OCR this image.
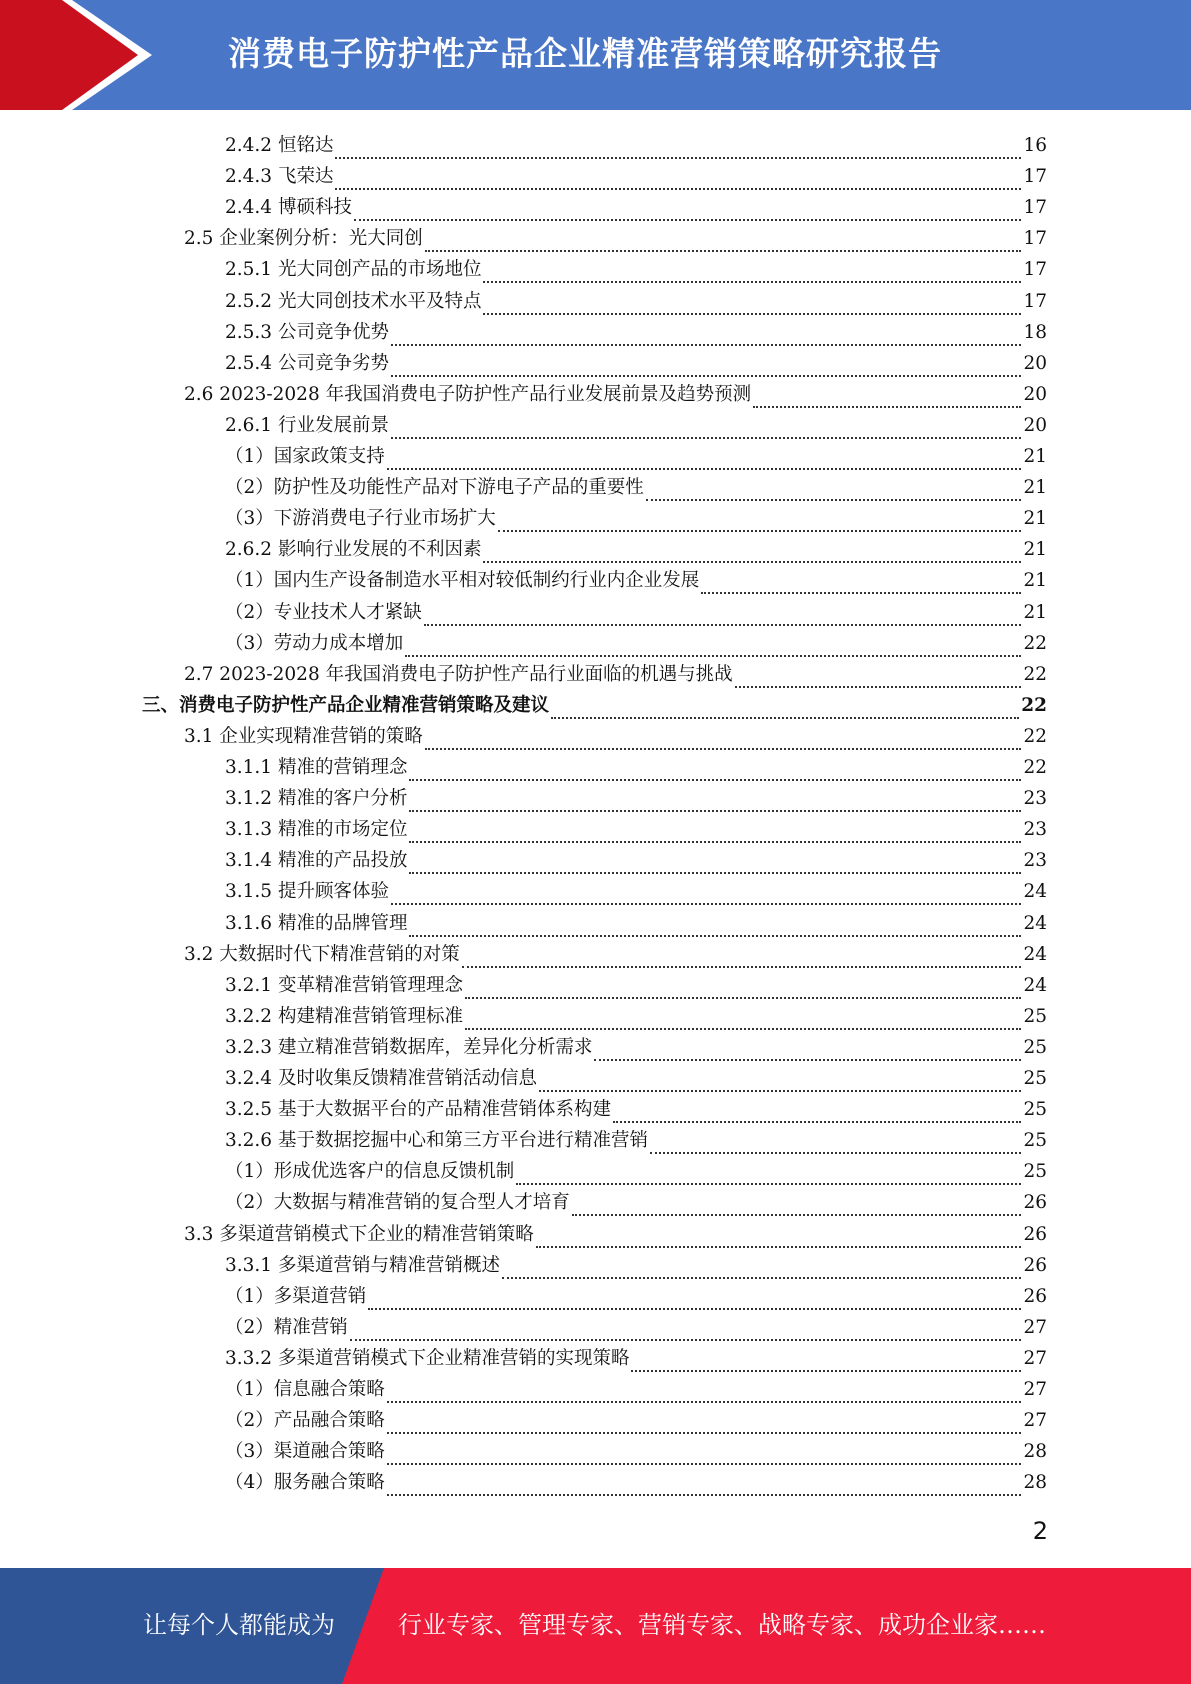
消费电子防护性产品企业精准营销策略研究报告
2.4.2 恒铭达	16
2.4.3 飞荣达	17
2.4.4 博硕科技	17
2.5 企业案例分析：光大同创	17
2.5.1 光大同创产品的市场地位	17
2.5.2 光大同创技术水平及特点	17
2.5.3 公司竞争优势	18
2.5.4 公司竞争劣势	20
2.6 2023-2028 年我国消费电子防护性产品行业发展前景及趋势预测	20
2.6.1 行业发展前景	20
（1）国家政策支持	21
（2）防护性及功能性产品对下游电子产品的重要性	21
（3）下游消费电子行业市场扩大	21
2.6.2 影响行业发展的不利因素	21
（1）国内生产设备制造水平相对较低制约行业内企业发展	21
（2）专业技术人才紧缺	21
（3）劳动力成本增加	22
2.7 2023-2028 年我国消费电子防护性产品行业面临的机遇与挑战	22
三、消费电子防护性产品企业精准营销策略及建议	22
3.1 企业实现精准营销的策略	22
3.1.1 精准的营销理念	22
3.1.2 精准的客户分析	23
3.1.3 精准的市场定位	23
3.1.4 精准的产品投放	23
3.1.5 提升顾客体验	24
3.1.6 精准的品牌管理	24
3.2 大数据时代下精准营销的对策	24
3.2.1 变革精准营销管理理念	24
3.2.2 构建精准营销管理标准	25
3.2.3 建立精准营销数据库，差异化分析需求	25
3.2.4 及时收集反馈精准营销活动信息	25
3.2.5 基于大数据平台的产品精准营销体系构建	25
3.2.6 基于数据挖掘中心和第三方平台进行精准营销	25
（1）形成优选客户的信息反馈机制	25
（2）大数据与精准营销的复合型人才培育	26
3.3 多渠道营销模式下企业的精准营销策略	26
3.3.1 多渠道营销与精准营销概述	26
（1）多渠道营销	26
（2）精准营销	27
3.3.2 多渠道营销模式下企业精准营销的实现策略	27
（1）信息融合策略	27
（2）产品融合策略	27
（3）渠道融合策略	28
（4）服务融合策略	28
2
让每个人都能成为	行业专家、管理专家、营销专家、战略专家、成功企业家……
